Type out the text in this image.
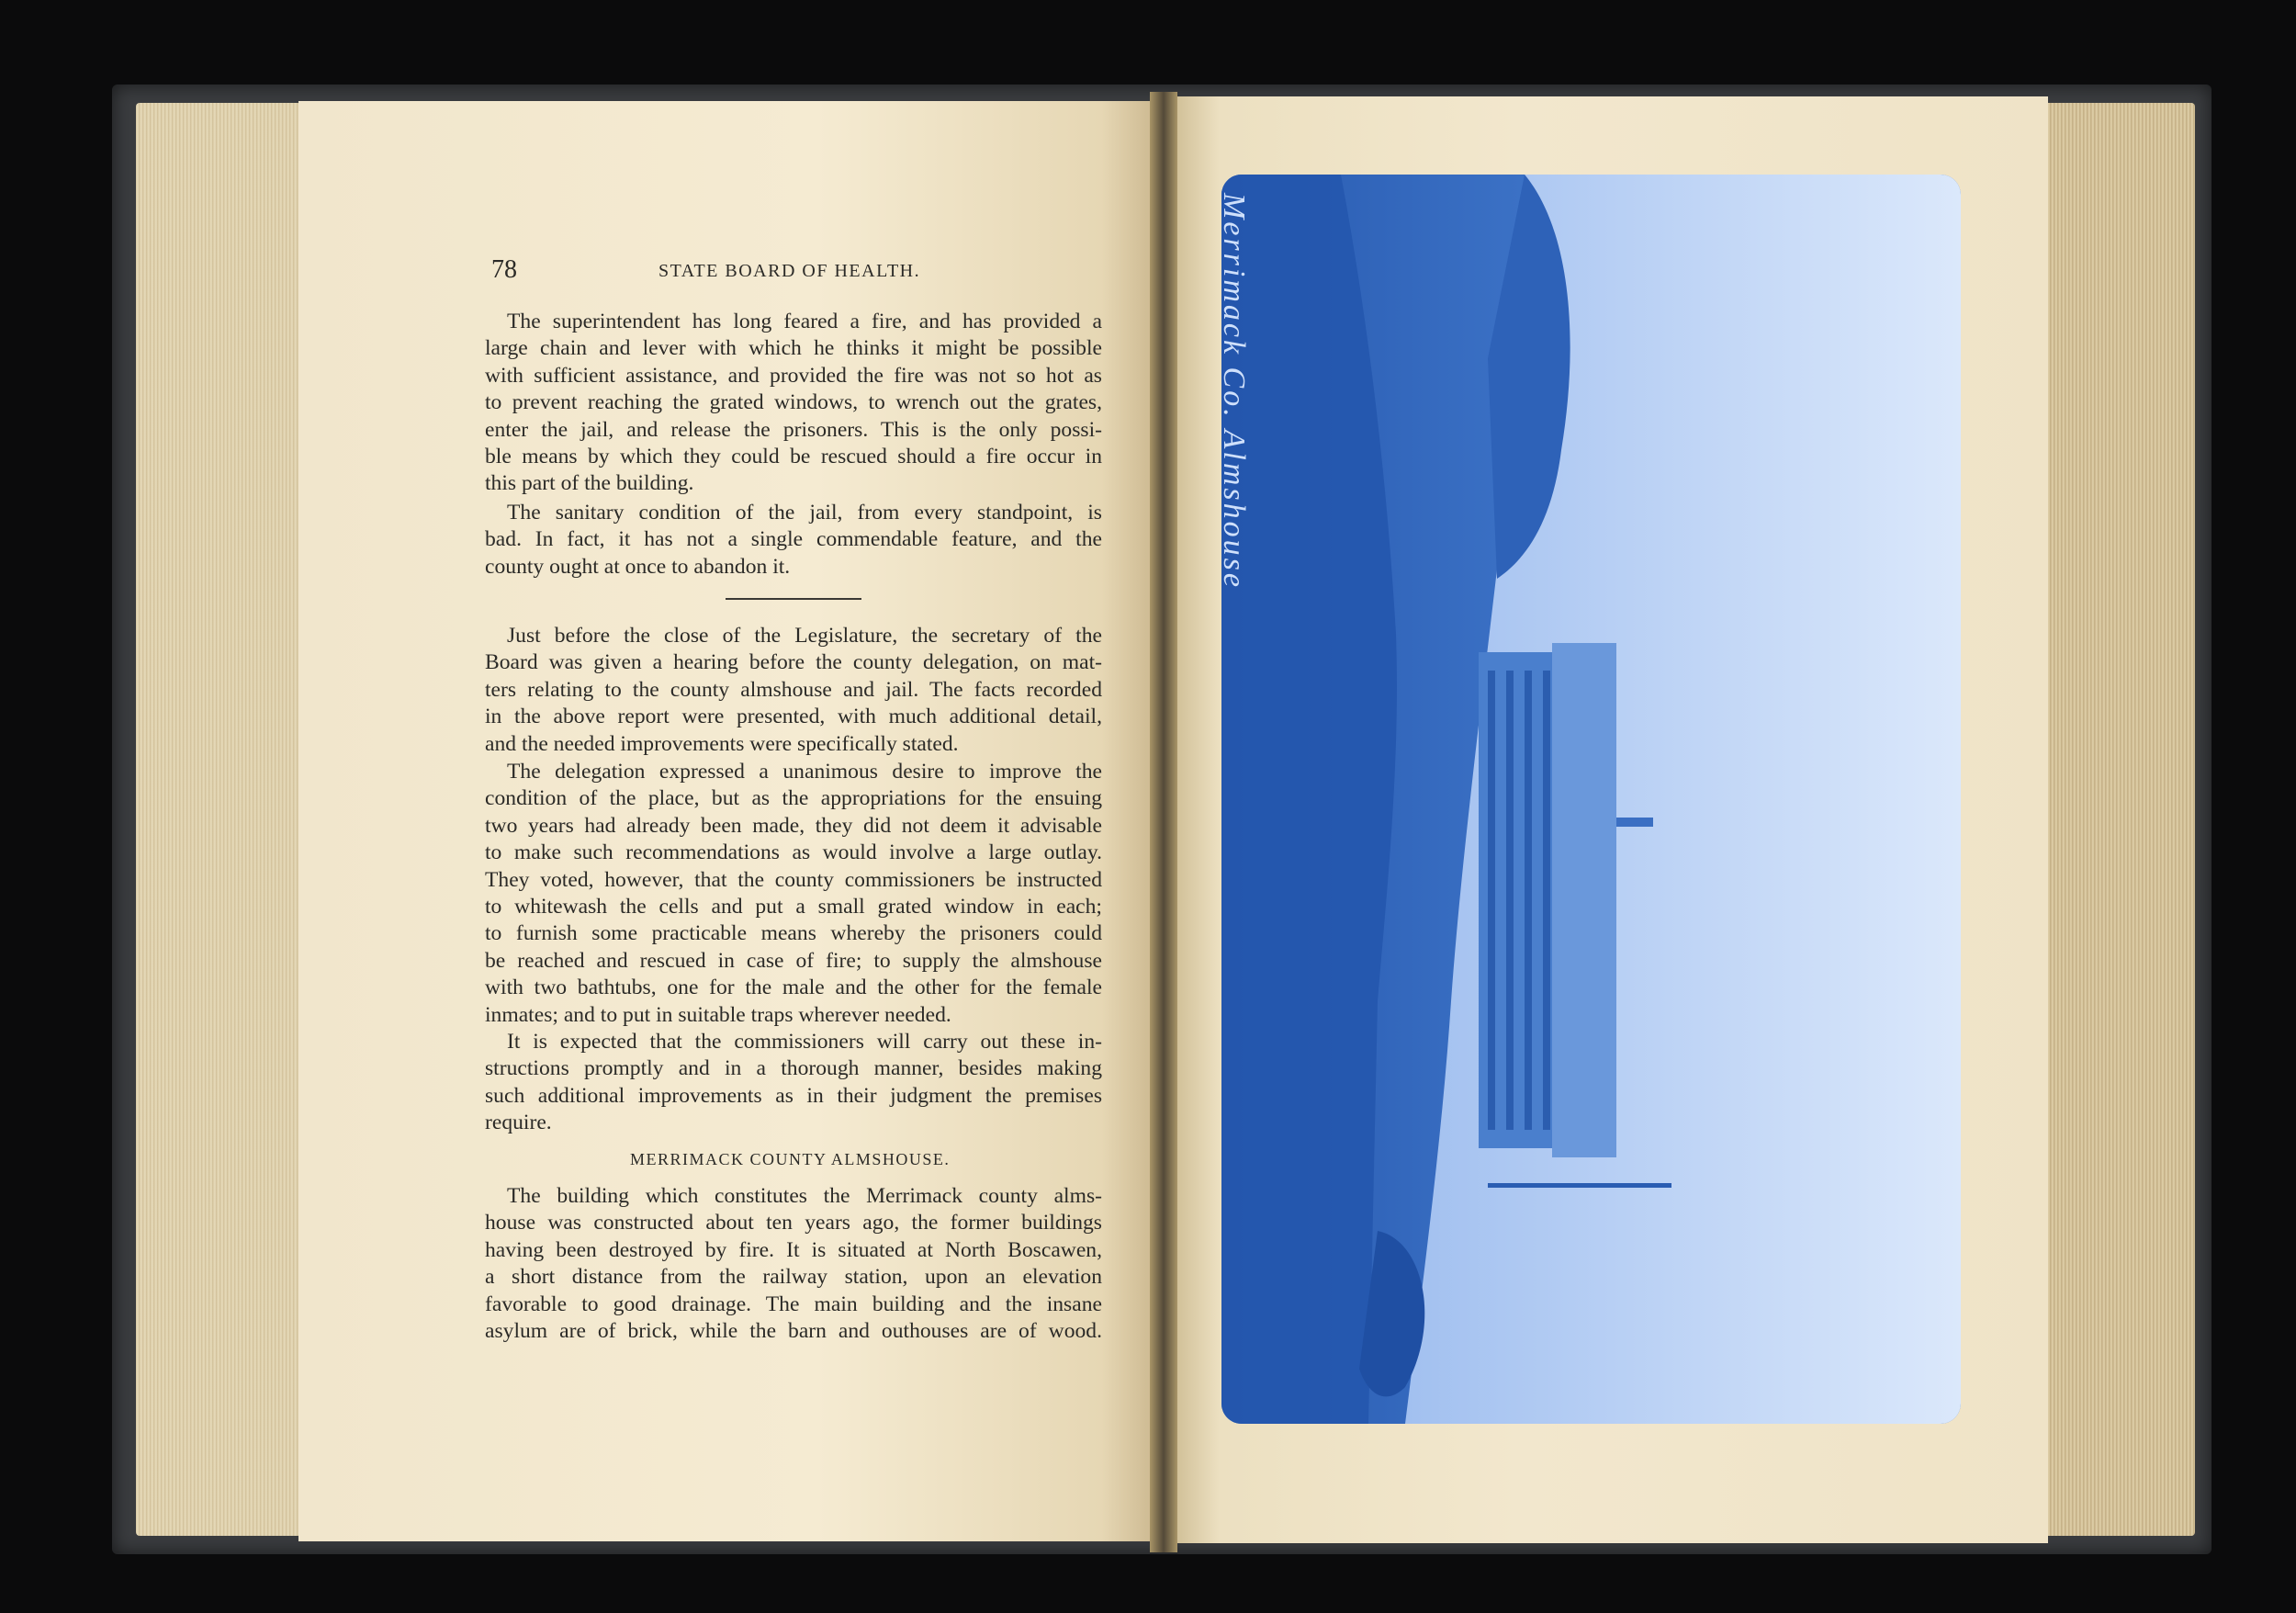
78	STATE BOARD OF HEALTH.

The superintendent has long feared a fire, and has provided a

large chain and lever with which he thinks it might be possible

with sufficient assistance, and provided the fire was not so hot as

to prevent reaching the grated windows, to wrench out the grates,

enter the jail, and release the prisoners. This is the only possi-

ble means by which they could be rescued should a fire occur in

this part of the building.

The sanitary condition of the jail, from every standpoint, is

bad. In fact, it has not a single commendable feature, and the

county ought at once to abandon it.

Just before the close of the Legislature, the secretary of the

Board was given a hearing before the county delegation, on mat-

ters relating to the county almshouse and jail. The facts recorded

in the above report were presented, with much additional detail,

and the needed improvements were specifically stated.

The delegation expressed a unanimous desire to improve the

condition of the place, but as the appropriations for the ensuing

two years had already been made, they did not deem it advisable

to make such recommendations as would involve a large outlay.

They voted, however, that the county commissioners be instructed

to whitewash the cells and put a small grated window in each;

to furnish some practicable means whereby the prisoners could

be reached and rescued in case of fire; to supply the almshouse

with two bathtubs, one for the male and the other for the female

inmates; and to put in suitable traps wherever needed.

It is expected that the commissioners will carry out these in-

structions promptly and in a thorough manner, besides making

such additional improvements as in their judgment the premises

require.

MERRIMACK COUNTY ALMSHOUSE.

The building which constitutes the Merrimack county alms-

house was constructed about ten years ago, the former buildings

having been destroyed by fire. It is situated at North Boscawen,

a short distance from the railway station, upon an elevation

favorable to good drainage. The main building and the insane

asylum are of brick, while the barn and outhouses are of wood.

Merrimack Co. Almshouse
